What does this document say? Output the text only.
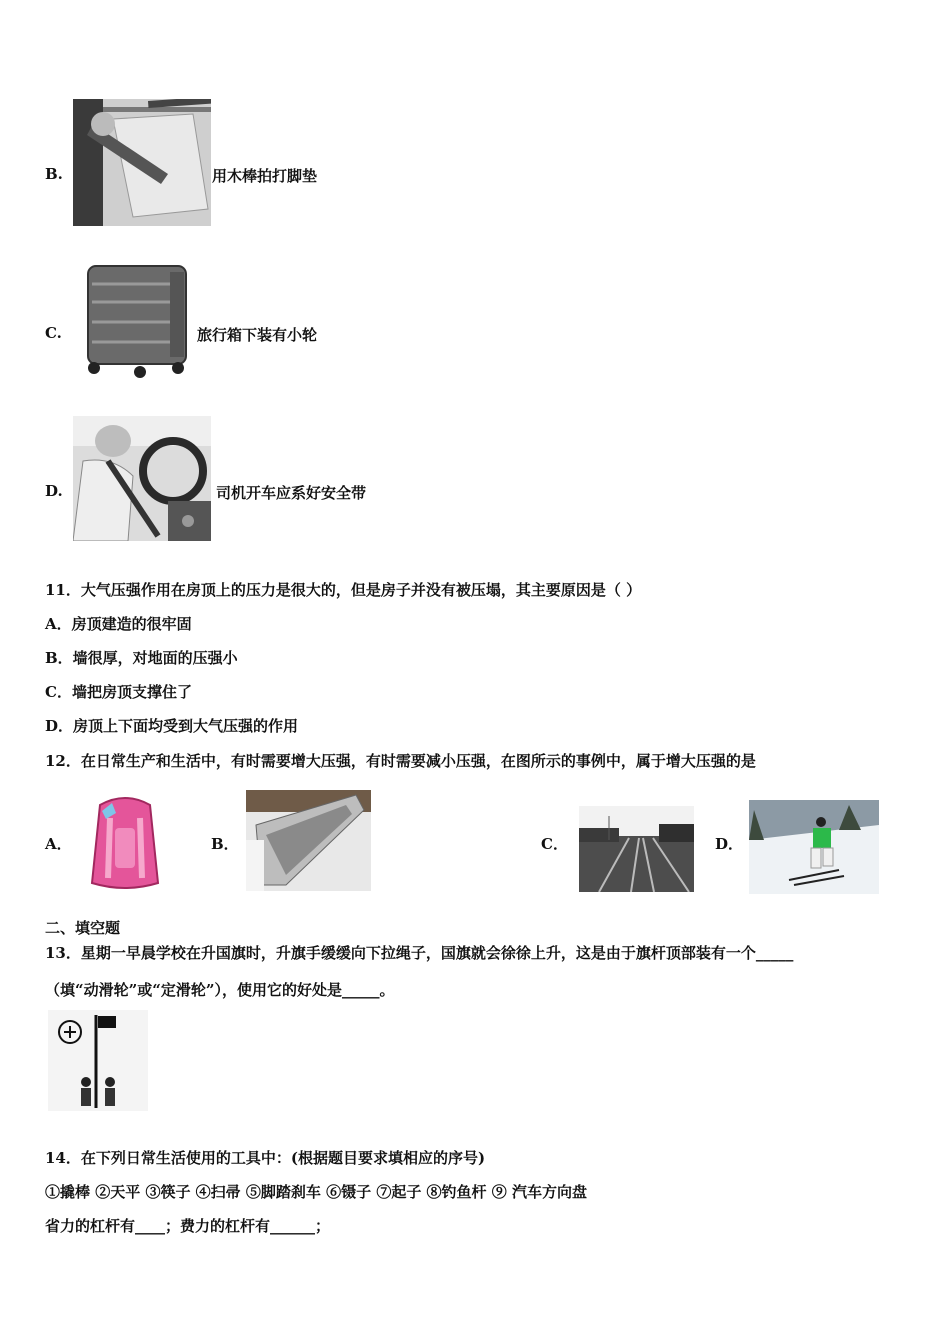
B.	用木棒拍打脚垫
C.	旅行箱下装有小轮
D.	司机开车应系好安全带
11．大气压强作用在房顶上的压力是很大的，但是房子并没有被压塌，其主要原因是（ ）
A．房顶建造的很牢固
B．墙很厚，对地面的压强小
C．墙把房顶支撑住了
D．房顶上下面均受到大气压强的作用
12．在日常生产和生活中，有时需要增大压强，有时需要减小压强，在图所示的事例中，属于增大压强的是
A．	B．	C．	D．
二、填空题
13．星期一早晨学校在升国旗时，升旗手缓缓向下拉绳子，国旗就会徐徐上升，这是由于旗杆顶部装有一个_____
（填“动滑轮”或“定滑轮”），使用它的好处是_____。
14．在下列日常生活使用的工具中：(根据题目要求填相应的序号)
①撬棒 ②天平 ③筷子 ④扫帚 ⑤脚踏刹车 ⑥镊子 ⑦起子 ⑧钓鱼杆 ⑨ 汽车方向盘
省力的杠杆有____；费力的杠杆有______；
